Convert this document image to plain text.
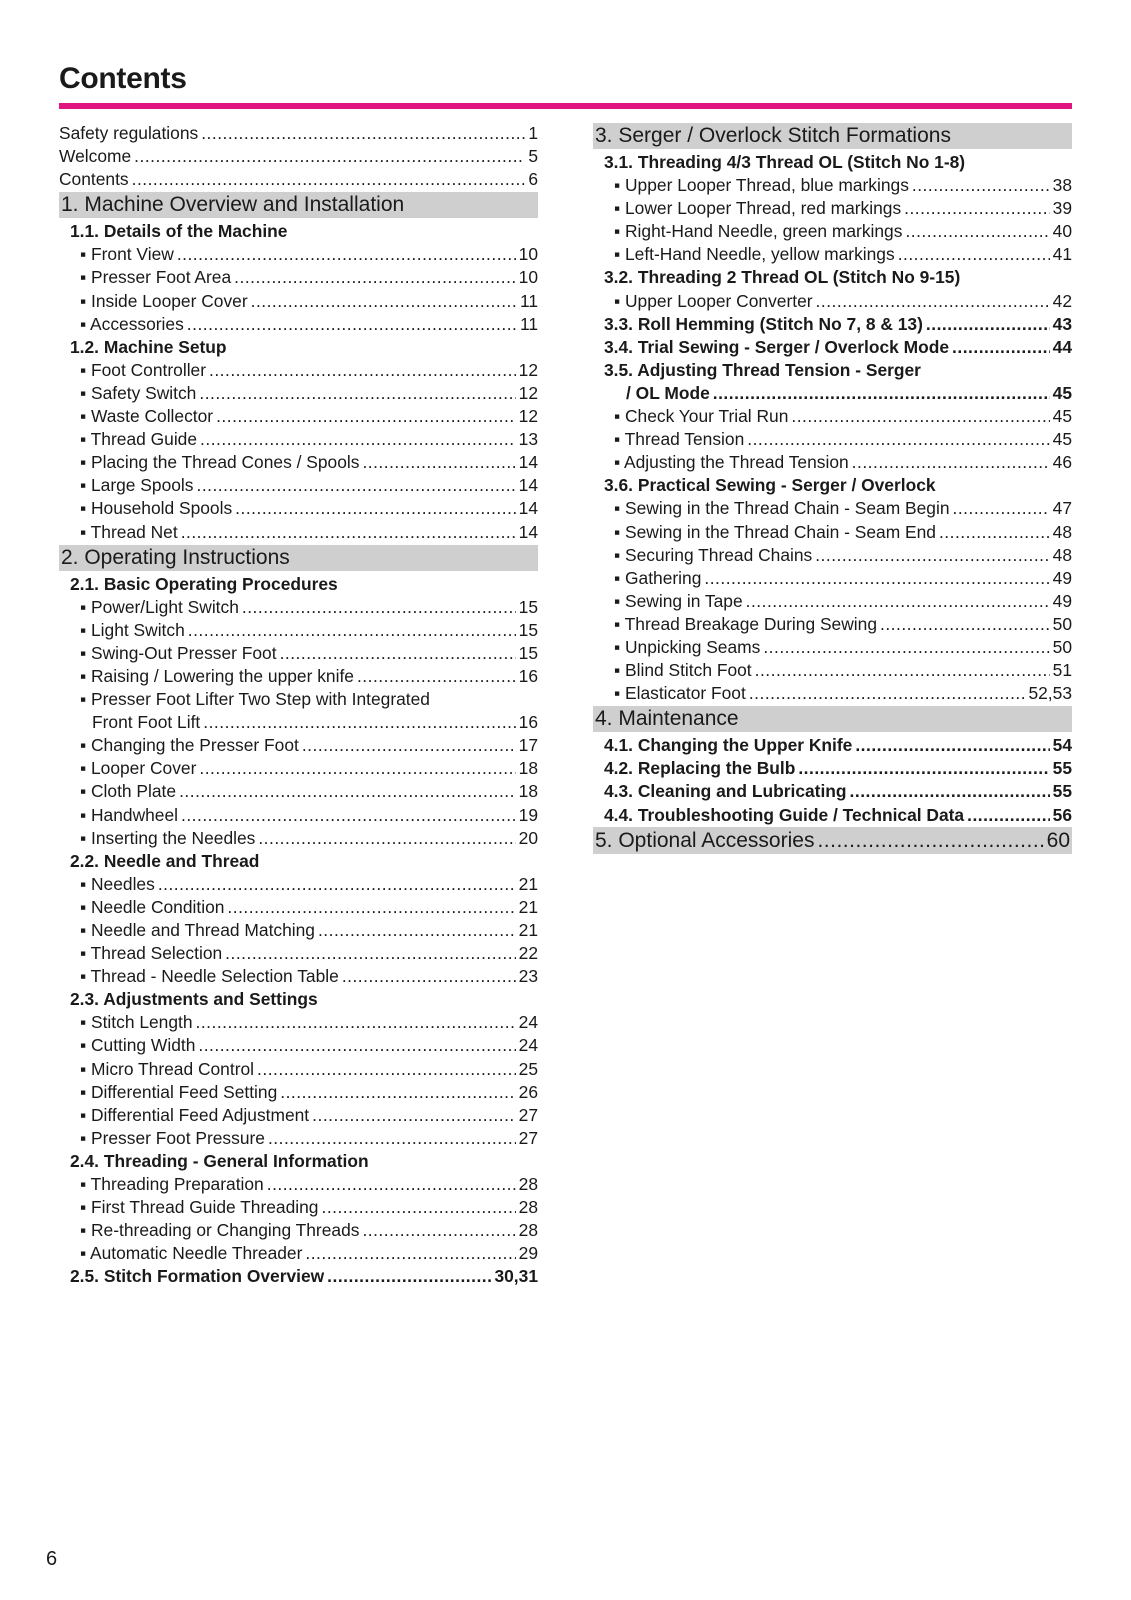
Contents
Safety regulations .....	1
Welcome .....	5
Contents .....	6
1. Machine Overview and Installation
1.1. Details of the Machine
▪ Front View .....	10
▪ Presser Foot Area .....	10
▪ Inside Looper Cover .....	11
▪ Accessories .....	11
1.2. Machine Setup
▪ Foot Controller .....	12
▪ Safety Switch .....	12
▪ Waste Collector .....	12
▪ Thread Guide .....	13
▪ Placing the Thread Cones / Spools .....	14
▪ Large Spools .....	14
▪ Household Spools .....	14
▪ Thread Net .....	14
2. Operating Instructions
2.1. Basic Operating Procedures
▪ Power/Light Switch .....	15
▪ Light Switch .....	15
▪ Swing-Out Presser Foot .....	15
▪ Raising / Lowering the upper knife .....	16
▪ Presser Foot Lifter Two Step with Integrated
Front Foot Lift .....	16
▪ Changing the Presser Foot .....	17
▪ Looper Cover .....	18
▪ Cloth Plate .....	18
▪ Handwheel .....	19
▪ Inserting the Needles .....	20
2.2. Needle and Thread
▪ Needles .....	21
▪ Needle Condition .....	21
▪ Needle and Thread Matching .....	21
▪ Thread Selection .....	22
▪ Thread - Needle Selection Table .....	23
2.3. Adjustments and Settings
▪ Stitch Length .....	24
▪ Cutting Width .....	24
▪ Micro Thread Control .....	25
▪ Differential Feed Setting .....	26
▪ Differential Feed Adjustment .....	27
▪ Presser Foot Pressure .....	27
2.4. Threading - General Information
▪ Threading Preparation .....	28
▪ First Thread Guide Threading .....	28
▪ Re-threading or Changing Threads .....	28
▪ Automatic Needle Threader .....	29
2.5. Stitch Formation Overview .....	30,31
3. Serger / Overlock Stitch Formations
3.1. Threading 4/3 Thread OL (Stitch No 1-8)
▪ Upper Looper Thread, blue markings .....	38
▪ Lower Looper Thread, red markings .....	39
▪ Right-Hand Needle, green markings .....	40
▪ Left-Hand Needle, yellow markings .....	41
3.2. Threading 2 Thread OL (Stitch No 9-15)
▪ Upper Looper Converter .....	42
3.3. Roll Hemming (Stitch No 7, 8 & 13) .....	43
3.4. Trial Sewing - Serger / Overlock Mode .....	44
3.5. Adjusting Thread Tension - Serger
/ OL Mode .....	45
▪ Check Your Trial Run .....	45
▪ Thread Tension .....	45
▪ Adjusting the Thread Tension .....	46
3.6. Practical Sewing - Serger / Overlock
▪ Sewing in the Thread Chain - Seam Begin .....	47
▪ Sewing in the Thread Chain - Seam End .....	48
▪ Securing Thread Chains .....	48
▪ Gathering .....	49
▪ Sewing in Tape .....	49
▪ Thread Breakage During Sewing .....	50
▪ Unpicking Seams .....	50
▪ Blind Stitch Foot .....	51
▪ Elasticator Foot .....	52,53
4. Maintenance
4.1. Changing the Upper Knife .....	54
4.2. Replacing the Bulb .....	55
4.3. Cleaning and Lubricating .....	55
4.4. Troubleshooting Guide / Technical Data .....	56
5. Optional Accessories .....	60

6
